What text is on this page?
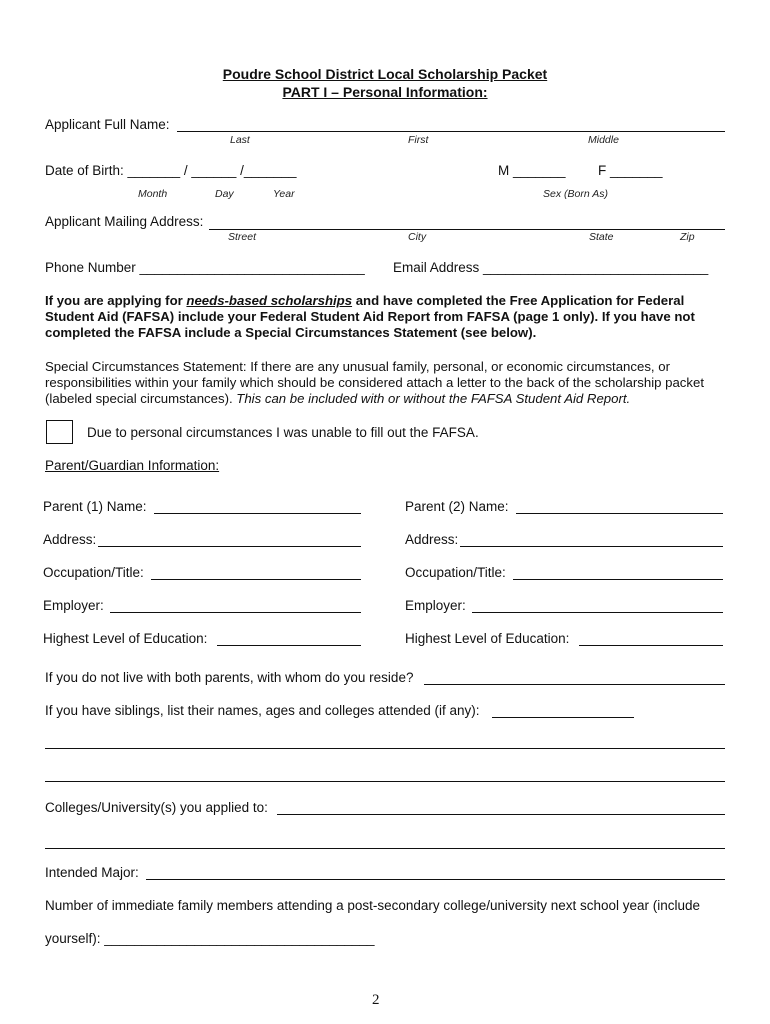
Poudre School District Local Scholarship Packet
PART I – Personal Information:
Applicant Full Name:
Last	First	Middle
Date of Birth: _______ / ______ /_______	M _______ F _______
Month	Day	Year	Sex (Born As)
Applicant Mailing Address:
Street	City	State	Zip
Phone Number ______________________________ Email Address ______________________________
If you are applying for needs-based scholarships and have completed the Free Application for Federal Student Aid (FAFSA) include your Federal Student Aid Report from FAFSA (page 1 only). If you have not completed the FAFSA include a Special Circumstances Statement (see below).
Special Circumstances Statement: If there are any unusual family, personal, or economic circumstances, or responsibilities within your family which should be considered attach a letter to the back of the scholarship packet (labeled special circumstances). This can be included with or without the FAFSA Student Aid Report.
Due to personal circumstances I was unable to fill out the FAFSA.
Parent/Guardian Information:
Parent (1) Name:	Parent (2) Name:
Address:	Address:
Occupation/Title:	Occupation/Title:
Employer:	Employer:
Highest Level of Education:	Highest Level of Education:
If you do not live with both parents, with whom do you reside?
If you have siblings, list their names, ages and colleges attended (if any):
Colleges/University(s) you applied to:
Intended Major:
Number of immediate family members attending a post-secondary college/university next school year (include
yourself): ____________________________________
2
